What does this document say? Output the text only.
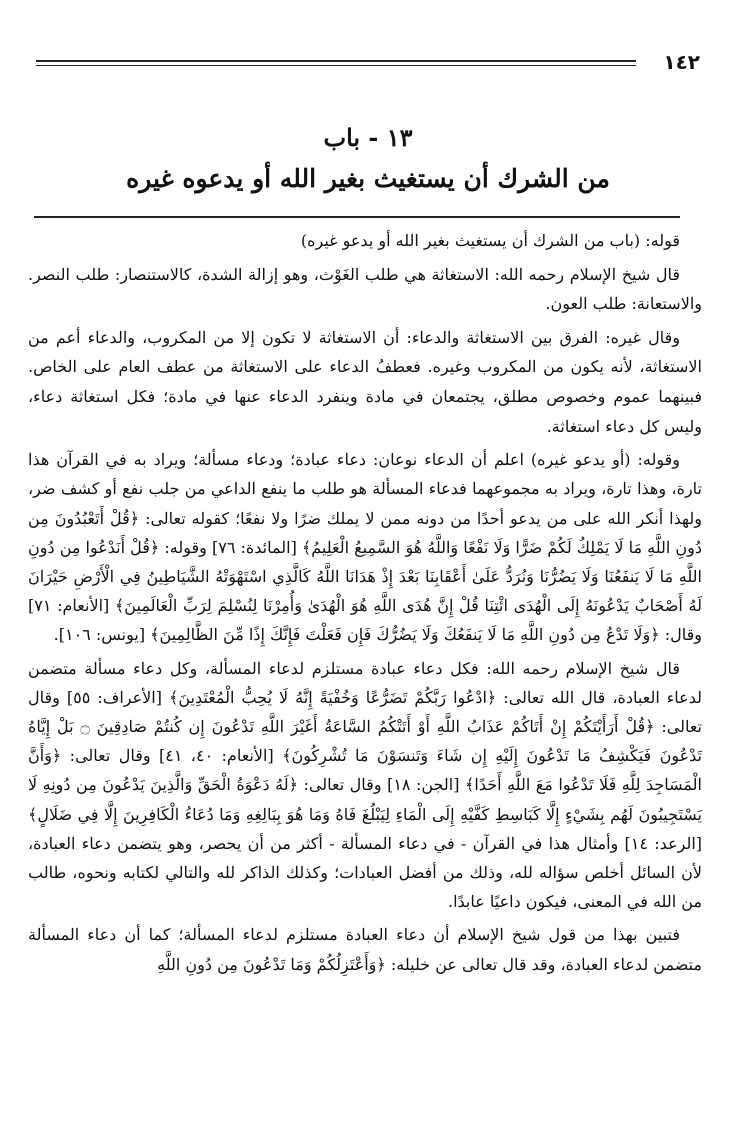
١٤٢
١٣ - باب
من الشرك أن يستغيث بغير الله أو يدعوه غيره

قوله: (باب من الشرك أن يستغيث بغير الله أو يدعو غيره)

قال شيخ الإسلام رحمه الله: الاستغاثة هي طلب الغَوْث، وهو إزالة الشدة، كالاستنصار: طلب النصر. والاستعانة: طلب العون.

وقال غيره: الفرق بين الاستغاثة والدعاء: أن الاستغاثة لا تكون إلا من المكروب، والدعاء أعم من الاستغاثة، لأنه يكون من المكروب وغيره. فعطفُ الدعاء على الاستغاثة من عطف العام على الخاص. فبينهما عموم وخصوص مطلق، يجتمعان في مادة وينفرد الدعاء عنها في مادة؛ فكل استغاثة دعاء، وليس كل دعاء استغاثة.

وقوله: (أو يدعو غيره) اعلم أن الدعاء نوعان: دعاء عبادة؛ ودعاء مسألة؛ ويراد به في القرآن هذا تارة، وهذا تارة، ويراد به مجموعهما فدعاء المسألة هو طلب ما ينفع الداعي من جلب نفع أو كشف ضر، ولهذا أنكر الله على من يدعو أحدًا من دونه ممن لا يملك ضرًا ولا نفعًا؛ كقوله تعالى: ﴿قُلْ أَتَعْبُدُونَ مِن دُونِ اللَّهِ مَا لَا يَمْلِكُ لَكُمْ ضَرًّا وَلَا نَفْعًا وَاللَّهُ هُوَ السَّمِيعُ الْعَلِيمُ﴾ [المائدة: ٧٦] وقوله: ﴿قُلْ أَنَدْعُوا مِن دُونِ اللَّهِ مَا لَا يَنفَعُنَا وَلَا يَضُرُّنَا وَنُرَدُّ عَلَىٰ أَعْقَابِنَا بَعْدَ إِذْ هَدَانَا اللَّهُ كَالَّذِي اسْتَهْوَتْهُ الشَّيَاطِينُ فِي الْأَرْضِ حَيْرَانَ لَهُ أَصْحَابٌ يَدْعُونَهُ إِلَى الْهُدَى ائْتِنَا قُلْ إِنَّ هُدَى اللَّهِ هُوَ الْهُدَىٰ وَأُمِرْنَا لِنُسْلِمَ لِرَبِّ الْعَالَمِينَ﴾ [الأنعام: ٧١] وقال: ﴿وَلَا تَدْعُ مِن دُونِ اللَّهِ مَا لَا يَنفَعُكَ وَلَا يَضُرُّكَ فَإِن فَعَلْتَ فَإِنَّكَ إِذًا مِّنَ الظَّالِمِينَ﴾ [يونس: ١٠٦].

قال شيخ الإسلام رحمه الله: فكل دعاء عبادة مستلزم لدعاء المسألة، وكل دعاء مسألة متضمن لدعاء العبادة، قال الله تعالى: ﴿ادْعُوا رَبَّكُمْ تَضَرُّعًا وَخُفْيَةً إِنَّهُ لَا يُحِبُّ الْمُعْتَدِينَ﴾ [الأعراف: ٥٥] وقال تعالى: ﴿قُلْ أَرَأَيْتَكُمْ إِنْ أَتَاكُمْ عَذَابُ اللَّهِ أَوْ أَتَتْكُمُ السَّاعَةُ أَغَيْرَ اللَّهِ تَدْعُونَ إِن كُنتُمْ صَادِقِينَ ۝ بَلْ إِيَّاهُ تَدْعُونَ فَيَكْشِفُ مَا تَدْعُونَ إِلَيْهِ إِن شَاءَ وَتَنسَوْنَ مَا تُشْرِكُونَ﴾ [الأنعام: ٤٠، ٤١] وقال تعالى: ﴿وَأَنَّ الْمَسَاجِدَ لِلَّهِ فَلَا تَدْعُوا مَعَ اللَّهِ أَحَدًا﴾ [الجن: ١٨] وقال تعالى: ﴿لَهُ دَعْوَةُ الْحَقِّ وَالَّذِينَ يَدْعُونَ مِن دُونِهِ لَا يَسْتَجِيبُونَ لَهُم بِشَيْءٍ إِلَّا كَبَاسِطِ كَفَّيْهِ إِلَى الْمَاءِ لِيَبْلُغَ فَاهُ وَمَا هُوَ بِبَالِغِهِ وَمَا دُعَاءُ الْكَافِرِينَ إِلَّا فِي ضَلَالٍ﴾ [الرعد: ١٤] وأمثال هذا في القرآن - في دعاء المسألة - أكثر من أن يحصر، وهو يتضمن دعاء العبادة، لأن السائل أخلص سؤاله لله، وذلك من أفضل العبادات؛ وكذلك الذاكر لله والتالي لكتابه ونحوه، طالب من الله في المعنى، فيكون داعيًا عابدًا.

فتبين بهذا من قول شيخ الإسلام أن دعاء العبادة مستلزم لدعاء المسألة؛ كما أن دعاء المسألة متضمن لدعاء العبادة، وقد قال تعالى عن خليله: ﴿وَأَعْتَزِلُكُمْ وَمَا تَدْعُونَ مِن دُونِ اللَّهِ
